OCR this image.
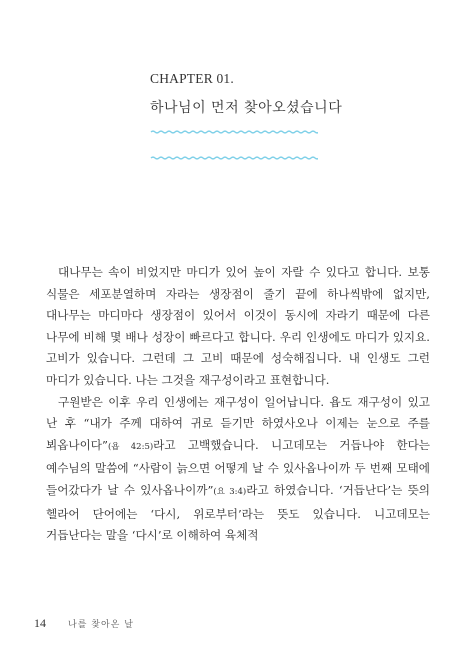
CHAPTER 01.

하나님이 먼저 찾아오셨습니다

대나무는 속이 비었지만 마디가 있어 높이 자랄 수 있다고 합니다. 보통 식물은 세포분열하며 자라는 생장점이 줄기 끝에 하나씩밖에 없지만, 대나무는 마디마다 생장점이 있어서 이것이 동시에 자라기 때문에 다른 나무에 비해 몇 배나 성장이 빠르다고 합니다. 우리 인생에도 마디가 있지요. 고비가 있습니다. 그런데 그 고비 때문에 성숙해집니다. 내 인생도 그런 마디가 있습니다. 나는 그것을 재구성이라고 표현합니다.

구원받은 이후 우리 인생에는 재구성이 일어납니다. 욥도 재구성이 있고 난 후 “내가 주께 대하여 귀로 듣기만 하였사오나 이제는 눈으로 주를 뵈옵나이다”(욥 42:5)라고 고백했습니다. 니고데모는 거듭나야 한다는 예수님의 말씀에 “사람이 늙으면 어떻게 날 수 있사옵나이까 두 번째 모태에 들어갔다가 날 수 있사옵나이까”(요 3:4)라고 하였습니다. ‘거듭난다’는 뜻의 헬라어 단어에는 ‘다시, 위로부터’라는 뜻도 있습니다. 니고데모는 거듭난다는 말을 ‘다시’로 이해하여 육체적

14 나를 찾아온 날
